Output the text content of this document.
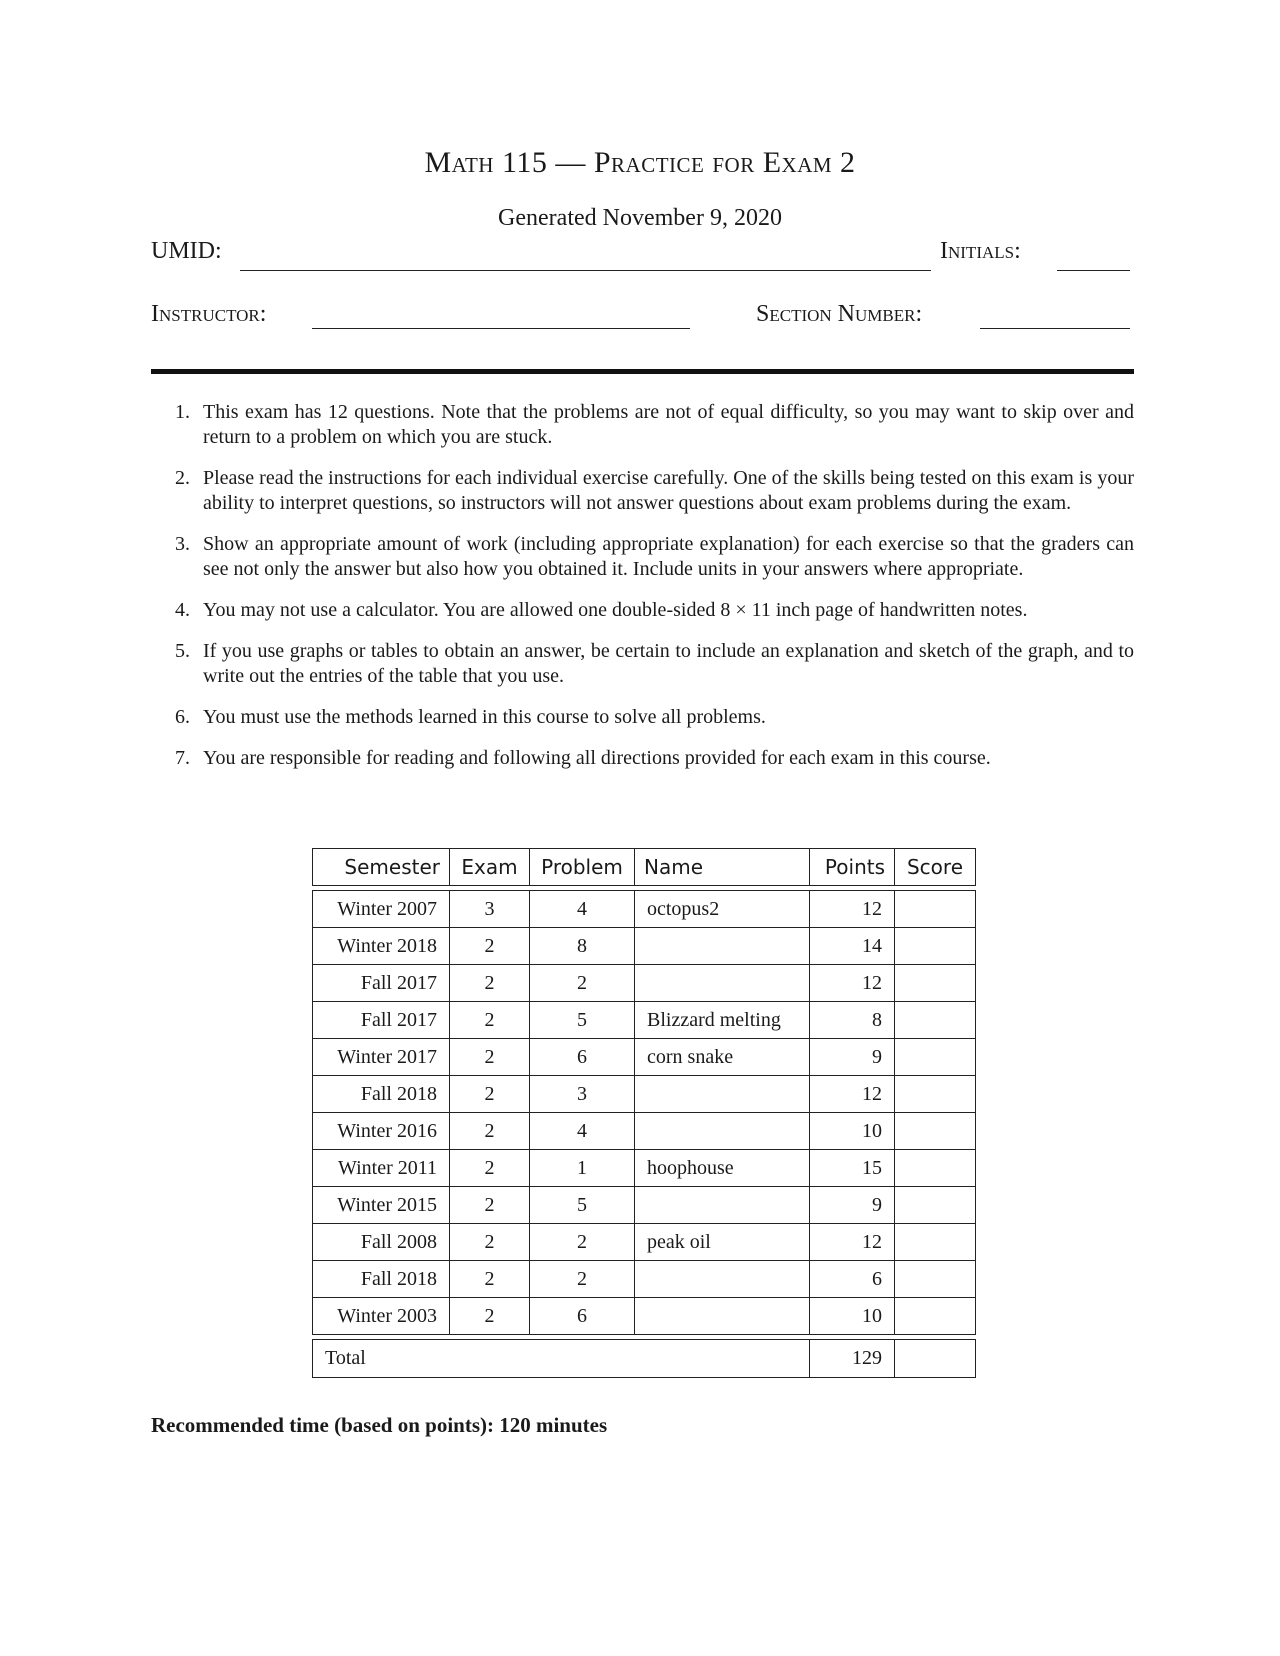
Math 115 — Practice for Exam 2
Generated November 9, 2020
UMID:	Initials:
Instructor:	Section Number:
1. This exam has 12 questions. Note that the problems are not of equal difficulty, so you may want to skip over and return to a problem on which you are stuck.
2. Please read the instructions for each individual exercise carefully. One of the skills being tested on this exam is your ability to interpret questions, so instructors will not answer questions about exam problems during the exam.
3. Show an appropriate amount of work (including appropriate explanation) for each exercise so that the graders can see not only the answer but also how you obtained it. Include units in your answers where appropriate.
4. You may not use a calculator. You are allowed one double-sided 8 × 11 inch page of handwritten notes.
5. If you use graphs or tables to obtain an answer, be certain to include an explanation and sketch of the graph, and to write out the entries of the table that you use.
6. You must use the methods learned in this course to solve all problems.
7. You are responsible for reading and following all directions provided for each exam in this course.
Semester	Exam	Problem	Name	Points	Score

Winter 2007	3	4	octopus2	12	
Winter 2018	2	8		14	
Fall 2017	2	2		12	
Fall 2017	2	5	Blizzard melting	8	
Winter 2017	2	6	corn snake	9	
Fall 2018	2	3		12	
Winter 2016	2	4		10	
Winter 2011	2	1	hoophouse	15	
Winter 2015	2	5		9	
Fall 2008	2	2	peak oil	12	
Fall 2018	2	2		6	
Winter 2003	2	6		10	

Total				129	
Recommended time (based on points): 120 minutes
